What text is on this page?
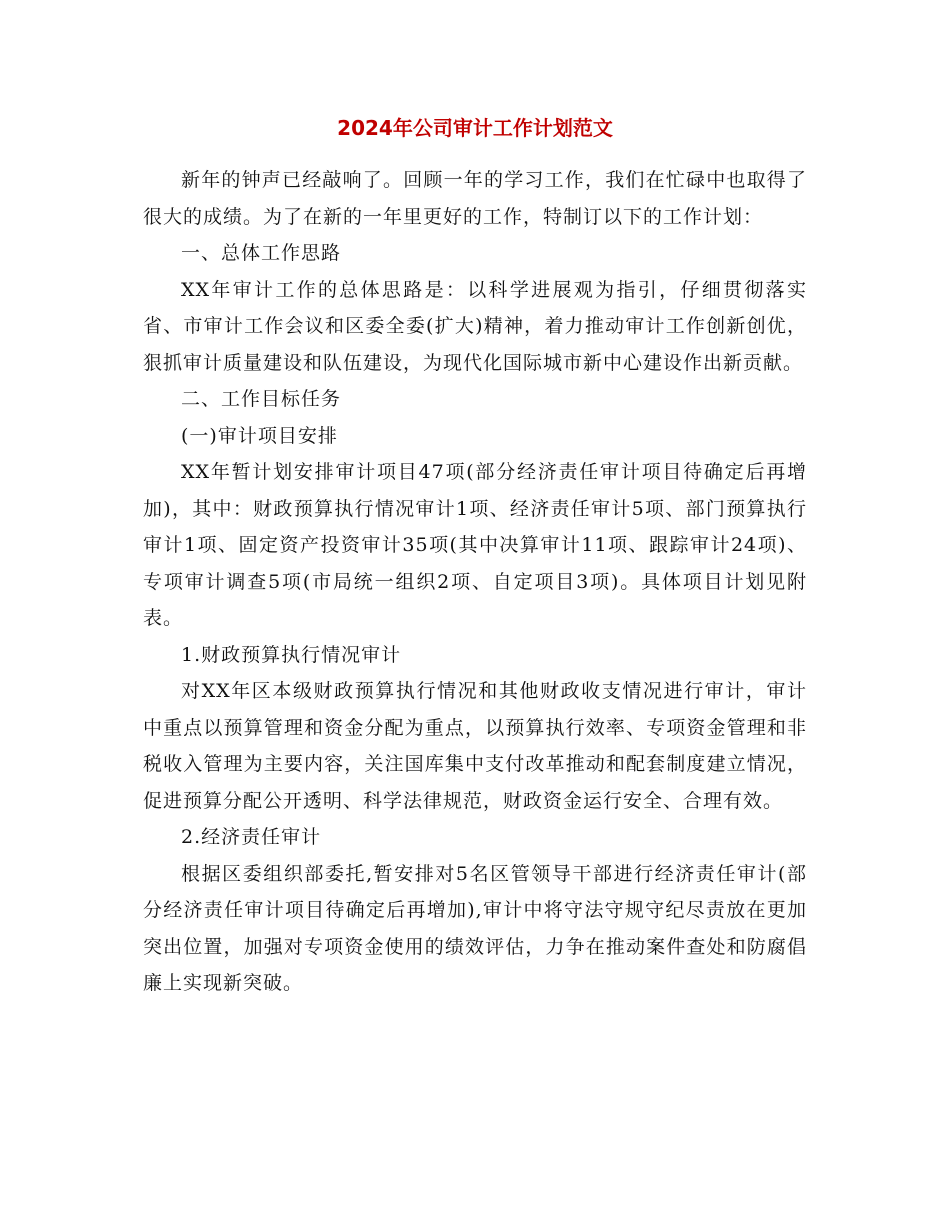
2024年公司审计工作计划范文

新年的钟声已经敲响了。回顾一年的学习工作，我们在忙碌中也取得了很大的成绩。为了在新的一年里更好的工作，特制订以下的工作计划：

一、总体工作思路

XX年审计工作的总体思路是：以科学进展观为指引，仔细贯彻落实省、市审计工作会议和区委全委(扩大)精神，着力推动审计工作创新创优，狠抓审计质量建设和队伍建设，为现代化国际城市新中心建设作出新贡献。

二、工作目标任务

(一)审计项目安排

XX年暂计划安排审计项目47项(部分经济责任审计项目待确定后再增加)，其中：财政预算执行情况审计1项、经济责任审计5项、部门预算执行审计1项、固定资产投资审计35项(其中决算审计11项、跟踪审计24项)、专项审计调查5项(市局统一组织2项、自定项目3项)。具体项目计划见附表。

1.财政预算执行情况审计

对XX年区本级财政预算执行情况和其他财政收支情况进行审计，审计中重点以预算管理和资金分配为重点，以预算执行效率、专项资金管理和非税收入管理为主要内容，关注国库集中支付改革推动和配套制度建立情况，促进预算分配公开透明、科学法律规范，财政资金运行安全、合理有效。

2.经济责任审计

根据区委组织部委托,暂安排对5名区管领导干部进行经济责任审计(部分经济责任审计项目待确定后再增加),审计中将守法守规守纪尽责放在更加突出位置，加强对专项资金使用的绩效评估，力争在推动案件查处和防腐倡廉上实现新突破。
